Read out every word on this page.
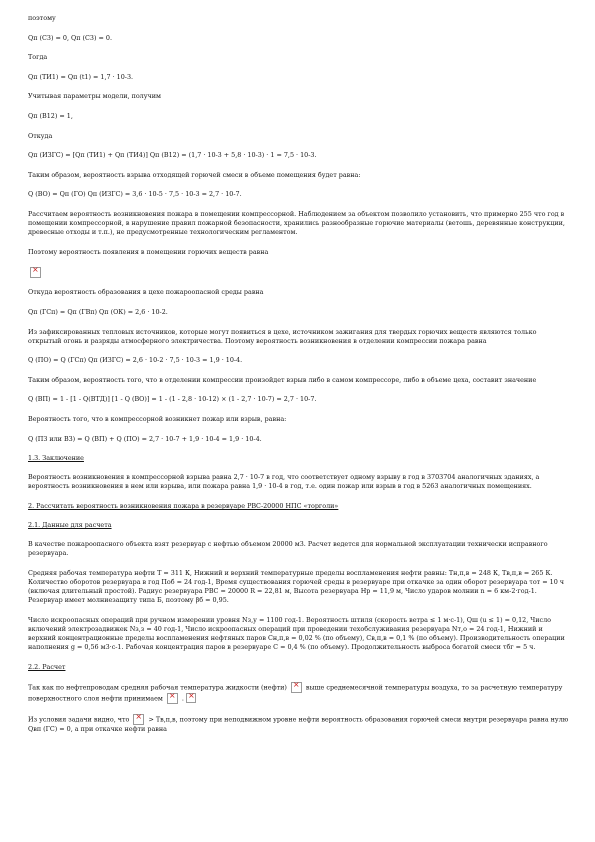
поэтому

Qп (C3) = 0, Qп (C3) = 0.

Тогда

Qп (ТИ1) = Qп (t1) = 1,7 · 10-3.

Учитывая параметры модели, получим

Qп (В12) = 1,

Откуда

Qп (ИЗГС) = [Qп (ТИ1) + Qп (ТИ4)] Qп (В12) = (1,7 · 10-3 + 5,8 · 10-3) · 1 = 7,5 · 10-3.

Таким образом, вероятность взрыва отходящей горючей смеси в объеме помещения будет равна:

Q (ВО) = Qп (ГО) Qп (ИЗГС) = 3,6 · 10-5 · 7,5 · 10-3 = 2,7 · 10-7.

Рассчитаем вероятность возникновения пожара в помещении компрессорной. Наблюдением за объектом позволило установить, что примерно 255 что год в помещении компрессорной, в нарушение правил пожарной безопасности, хранились разнообразные горючие материалы (ветошь, деревянные конструкции, древесные отходы и т.п.), не предусмотренные технологическим регламентом.

Поэтому вероятность появления в помещении горючих веществ равна

×

Откуда вероятность образования в цехе пожароопасной среды равна

Qп (ГСп) = Qп (ГВп) Qп (ОК) = 2,6 · 10-2.

Из зафиксированных тепловых источников, которые могут появиться в цехе, источником зажигания для твердых горючих веществ являются только открытый огонь и разряды атмосферного электричества. Поэтому вероятность возникновения в отделении компрессии пожара равна

Q (ПО) = Q (ГСп) Qп (ИЗГС) = 2,6 · 10-2 · 7,5 · 10-3 = 1,9 · 10-4.

Таким образом, вероятность того, что в отделении компрессии произойдет взрыв либо в самом компрессоре, либо в объеме цеха, составит значение

Q (ВП) = 1 - [1 - Q(ВТД)] [1 - Q (ВО)] = 1 - (1 - 2,8 · 10-12) × (1 - 2,7 · 10-7) = 2,7 · 10-7.

Вероятность того, что в компрессорной возникнет пожар или взрыв, равна:

Q (ПЗ или ВЗ) = Q (ВП) + Q (ПО) = 2,7 · 10-7 + 1,9 · 10-4 = 1,9 · 10-4.

1.3. Заключение

Вероятность возникновения в компрессорной взрыва равна 2,7 · 10-7 в год, что соответствует одному взрыву в год в 3703704 аналогичных зданиях, а вероятность возникновения в нем или взрыва, или пожара равна 1,9 · 10-4 в год, т.е. один пожар или взрыв в год в 5263 аналогичных помещениях.

2. Рассчитать вероятность возникновения пожара в резервуаре РВС-20000 НПС «торголи»

2.1. Данные для расчета

В качестве пожароопасного объекта взят резервуар с нефтью объемом 20000 м3. Расчет ведется для нормальной эксплуатации технически исправного резервуара.

Средняя рабочая температура нефти T = 311 К, Нижний и верхний температурные пределы воспламенения нефти равны: Тн,п,в = 248 К, Тв,п,в = 265 К. Количество оборотов резервуара в год Поб = 24 год-1, Время существования горючей среды в резервуаре при откачке за один оборот резервуара τот = 10 ч (включая длительный простой). Радиус резервуара РВС = 20000 R = 22,81 м, Высота резервуара Нр = 11,9 м, Число ударов молнии n = 6 км-2·год-1. Резервуар имеет молниезащиту типа Б, поэтому βб = 0,95.

Число искроопасных операций при ручном измерении уровня Nз,у = 1100 год-1. Вероятность штиля (скорость ветра ≤ 1 м·с-1), Qш (u ≤ 1) = 0,12, Число включений электрозадвижек Nз,з = 40 год-1, Число искроопасных операций при проведении техобслуживания резервуара Nт,о = 24 год-1, Нижний и верхний концентрационные пределы воспламенения нефтяных паров Сн,п,в = 0,02 % (по объему), Св,п,в = 0,1 % (по объему). Производительность операции наполнения g = 0,56 м3·с-1. Рабочая концентрация паров в резервуаре С = 0,4 % (по объему). Продолжительность выброса богатой смеси τбг = 5 ч.

2.2. Расчет

Так как по нефтепроводам средняя рабочая температура жидкости (нефти) × выше среднемесячной температуры воздуха, то за расчетную температуру поверхностного слоя нефти принимаем × .×

Из условия задачи видно, что × > Тв,п,в, поэтому при неподвижном уровне нефти вероятность образования горючей смеси внутри резервуара равна нулю Qвп (ГС) = 0, а при откачке нефти равна
